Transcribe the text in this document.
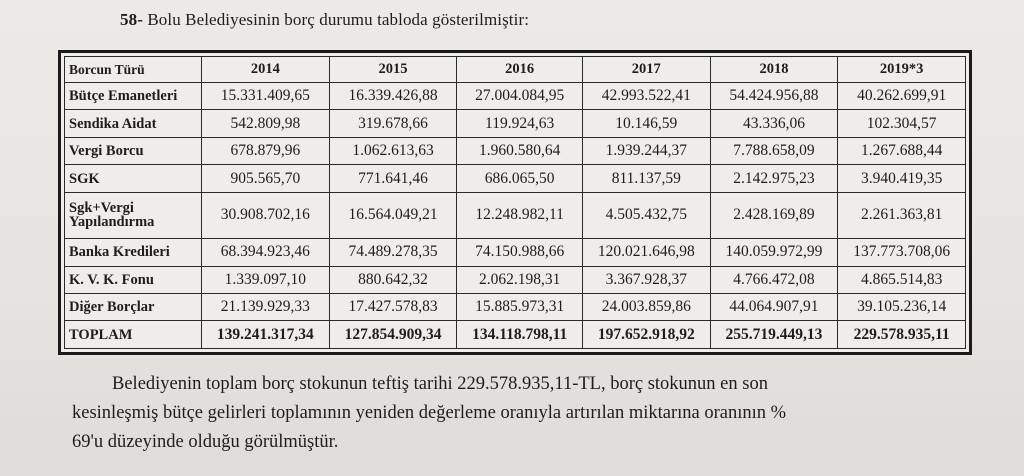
58- Bolu Belediyesinin borç durumu tabloda gösterilmiştir:
Borcun Türü	2014	2015	2016	2017	2018	2019*3
Bütçe Emanetleri	15.331.409,65	16.339.426,88	27.004.084,95	42.993.522,41	54.424.956,88	40.262.699,91
Sendika Aidat	542.809,98	319.678,66	119.924,63	10.146,59	43.336,06	102.304,57
Vergi Borcu	678.879,96	1.062.613,63	1.960.580,64	1.939.244,37	7.788.658,09	1.267.688,44
SGK	905.565,70	771.641,46	686.065,50	811.137,59	2.142.975,23	3.940.419,35
Sgk+Vergi Yapılandırma	30.908.702,16	16.564.049,21	12.248.982,11	4.505.432,75	2.428.169,89	2.261.363,81
Banka Kredileri	68.394.923,46	74.489.278,35	74.150.988,66	120.021.646,98	140.059.972,99	137.773.708,06
K. V. K. Fonu	1.339.097,10	880.642,32	2.062.198,31	3.367.928,37	4.766.472,08	4.865.514,83
Diğer Borçlar	21.139.929,33	17.427.578,83	15.885.973,31	24.003.859,86	44.064.907,91	39.105.236,14
TOPLAM	139.241.317,34	127.854.909,34	134.118.798,11	197.652.918,92	255.719.449,13	229.578.935,11
Belediyenin toplam borç stokunun teftiş tarihi 229.578.935,11-TL, borç stokunun en son
kesinleşmiş bütçe gelirleri toplamının yeniden değerleme oranıyla artırılan miktarına oranının %
69'u düzeyinde olduğu görülmüştür.
